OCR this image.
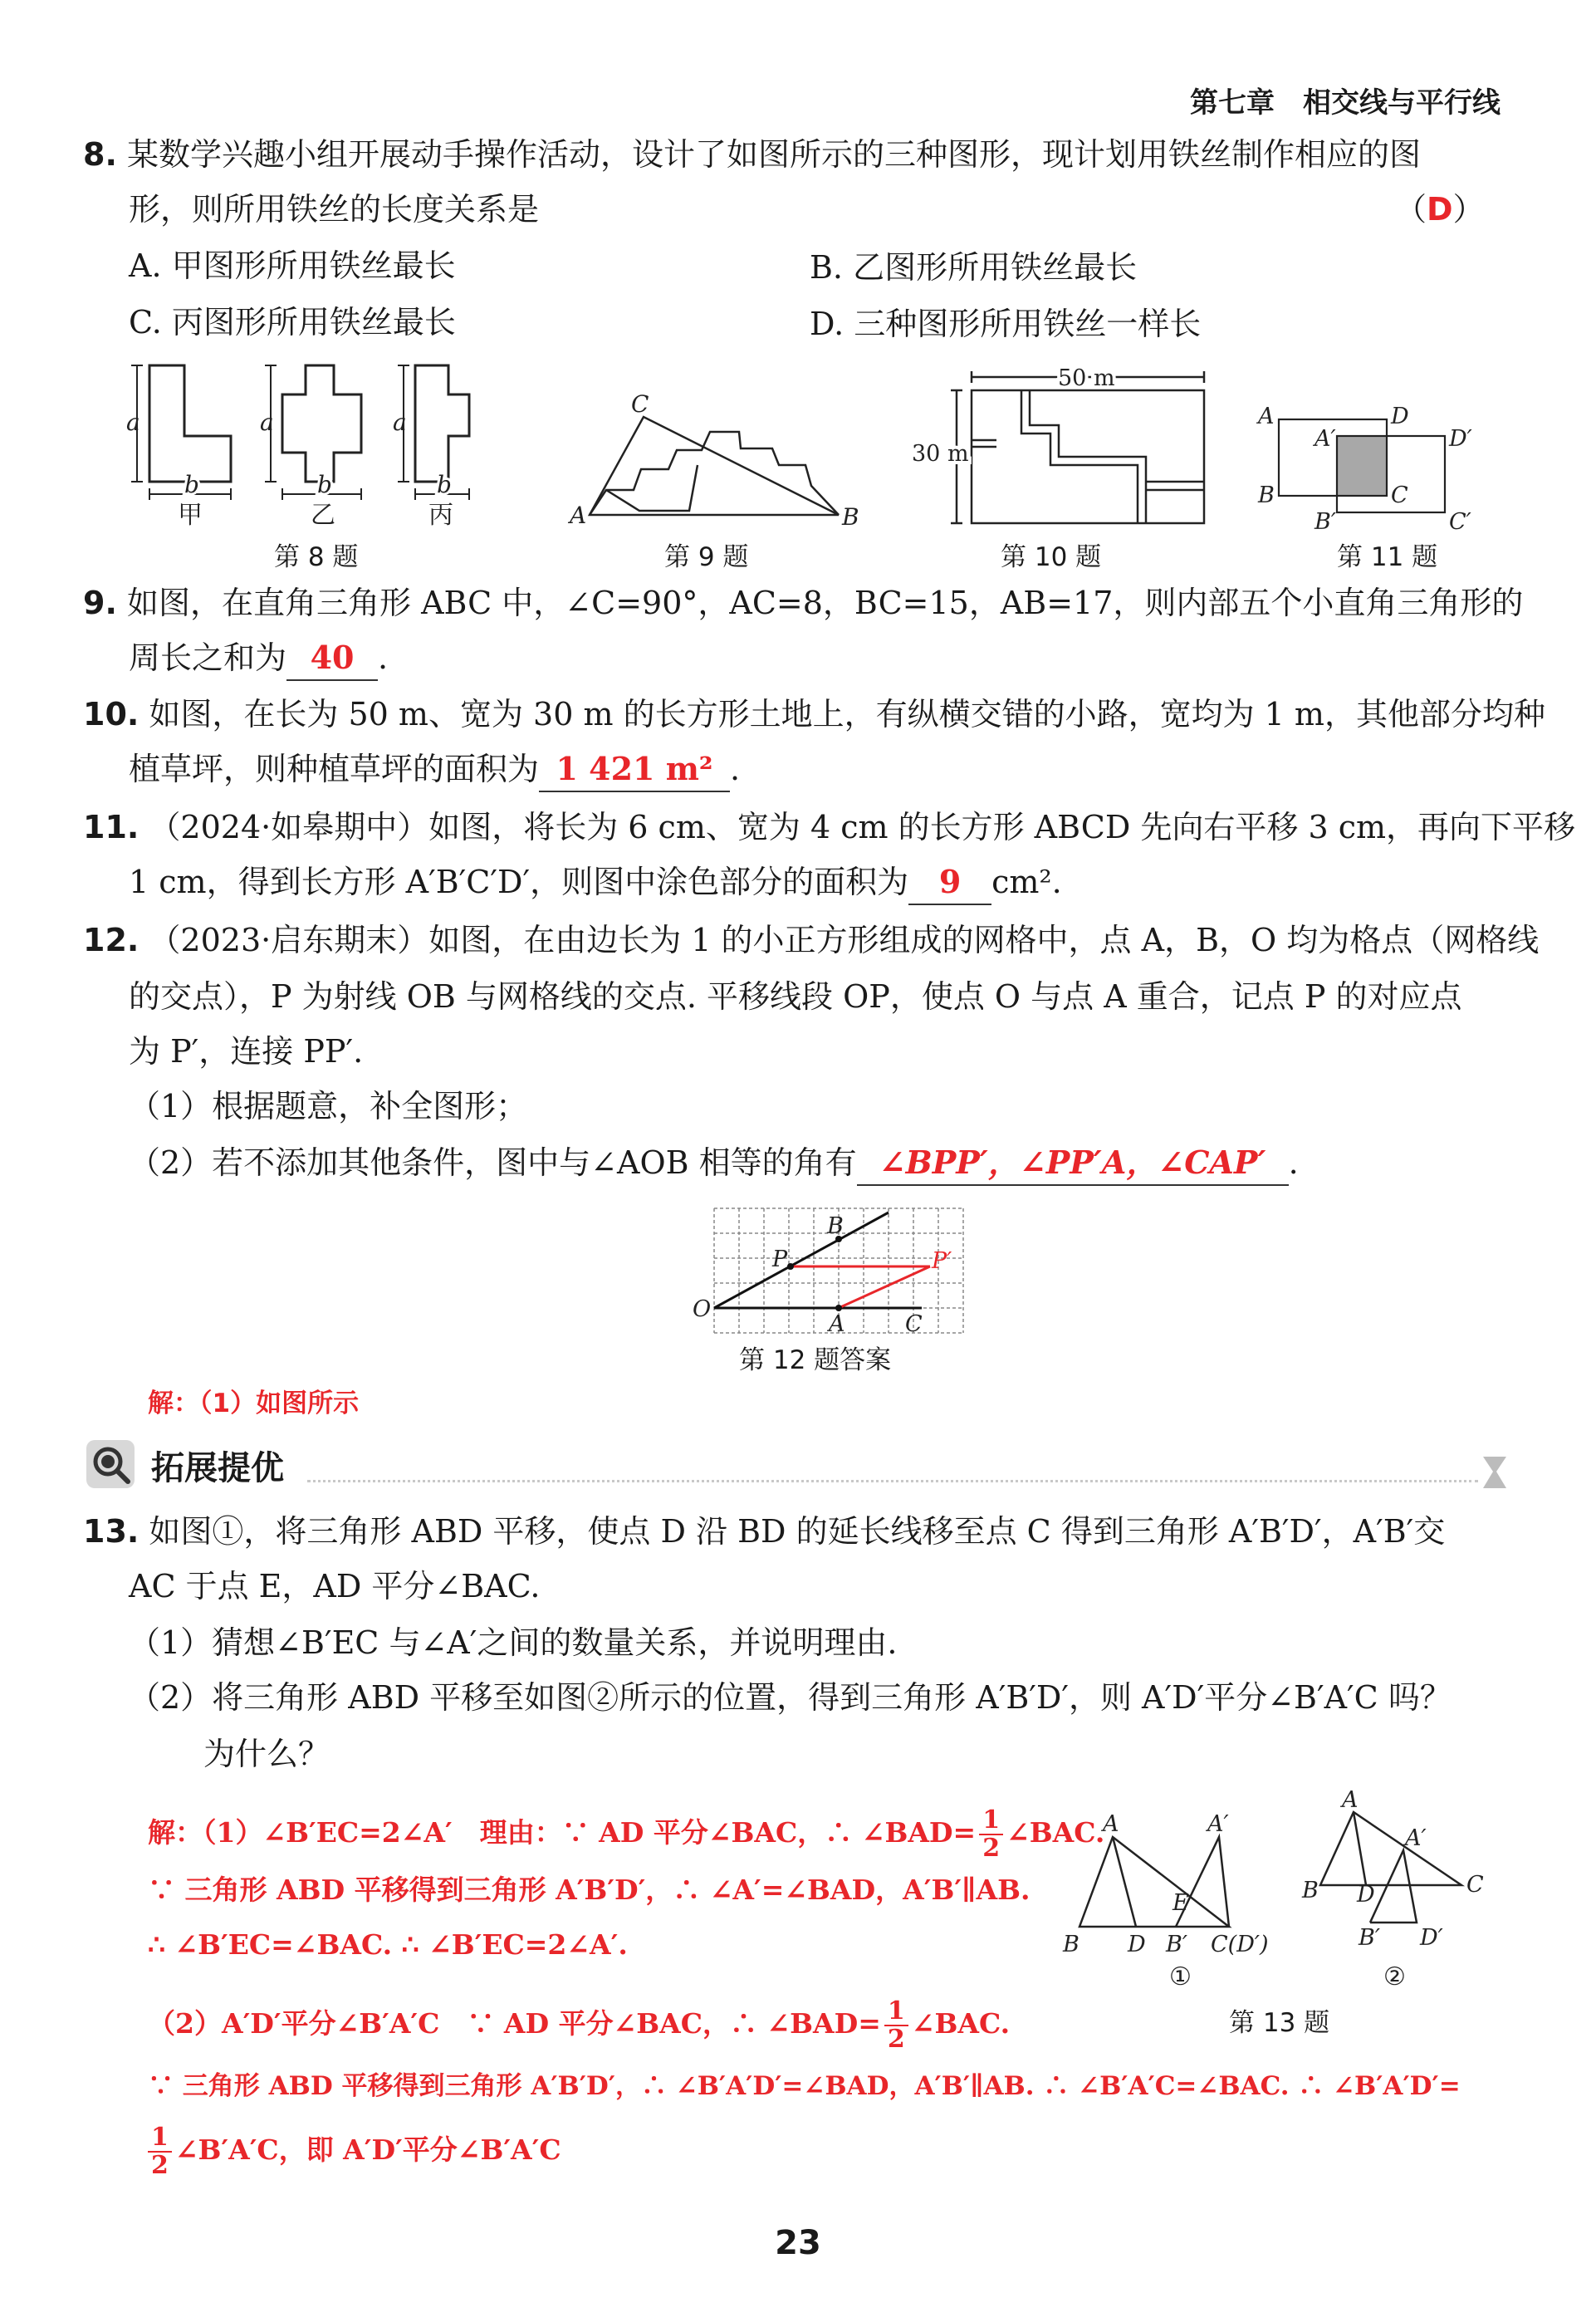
第七章　相交线与平行线
8. 某数学兴趣小组开展动手操作活动，设计了如图所示的三种图形，现计划用铁丝制作相应的图
形，则所用铁丝的长度关系是	（D）
A. 甲图形所用铁丝最长	B. 乙图形所用铁丝最长
C. 丙图形所用铁丝最长	D. 三种图形所用铁丝一样长
a	a	a
b	b	b
甲	乙	丙
第 8 题
A	B
C
第 9 题
50 m
30 m
第 10 题
A	D
A′	D′
B	C
B′	C′
第 11 题
9. 如图，在直角三角形 ABC 中，∠C=90°，AC=8，BC=15，AB=17，则内部五个小直角三角形的
周长之和为 40 .
10. 如图，在长为 50 m、宽为 30 m 的长方形土地上，有纵横交错的小路，宽均为 1 m，其他部分均种
植草坪，则种植草坪的面积为 1 421 m² .
11. （2024·如皋期中）如图，将长为 6 cm、宽为 4 cm 的长方形 ABCD 先向右平移 3 cm，再向下平移
1 cm，得到长方形 A′B′C′D′，则图中涂色部分的面积为 9 cm².
12. （2023·启东期末）如图，在由边长为 1 的小正方形组成的网格中，点 A，B，O 均为格点（网格线
的交点），P 为射线 OB 与网格线的交点. 平移线段 OP，使点 O 与点 A 重合，记点 P 的对应点
为 P′，连接 PP′.
（1）根据题意，补全图形；
（2）若不添加其他条件，图中与∠AOB 相等的角有 ∠BPP′，∠PP′A，∠CAP′ .
O
A	C
B
P	P′
第 12 题答案
解：（1）如图所示
拓展提优
13. 如图①，将三角形 ABD 平移，使点 D 沿 BD 的延长线移至点 C 得到三角形 A′B′D′，A′B′交
AC 于点 E，AD 平分∠BAC.
（1）猜想∠B′EC 与∠A′之间的数量关系，并说明理由.
（2）将三角形 ABD 平移至如图②所示的位置，得到三角形 A′B′D′，则 A′D′平分∠B′A′C 吗？
为什么？
解：（1）∠B′EC=2∠A′　理由：∵ AD 平分∠BAC，∴ ∠BAD= $\frac{1}{2}$ ∠BAC.
∵ 三角形 ABD 平移得到三角形 A′B′D′，∴ ∠A′=∠BAD，A′B′∥AB.
∴ ∠B′EC=∠BAC. ∴ ∠B′EC=2∠A′.
（2）A′D′平分∠B′A′C　∵ AD 平分∠BAC，∴ ∠BAD= $\frac{1}{2}$ ∠BAC.
∵ 三角形 ABD 平移得到三角形 A′B′D′，∴ ∠B′A′D′=∠BAD，A′B′∥AB. ∴ ∠B′A′C=∠BAC. ∴ ∠B′A′D′=
$\frac{1}{2}$ ∠B′A′C，即 A′D′平分∠B′A′C
A	A′
B D B′ C(D′)
E
A
A′
B D	C
B′ D′
①	②
第 13 题
23
